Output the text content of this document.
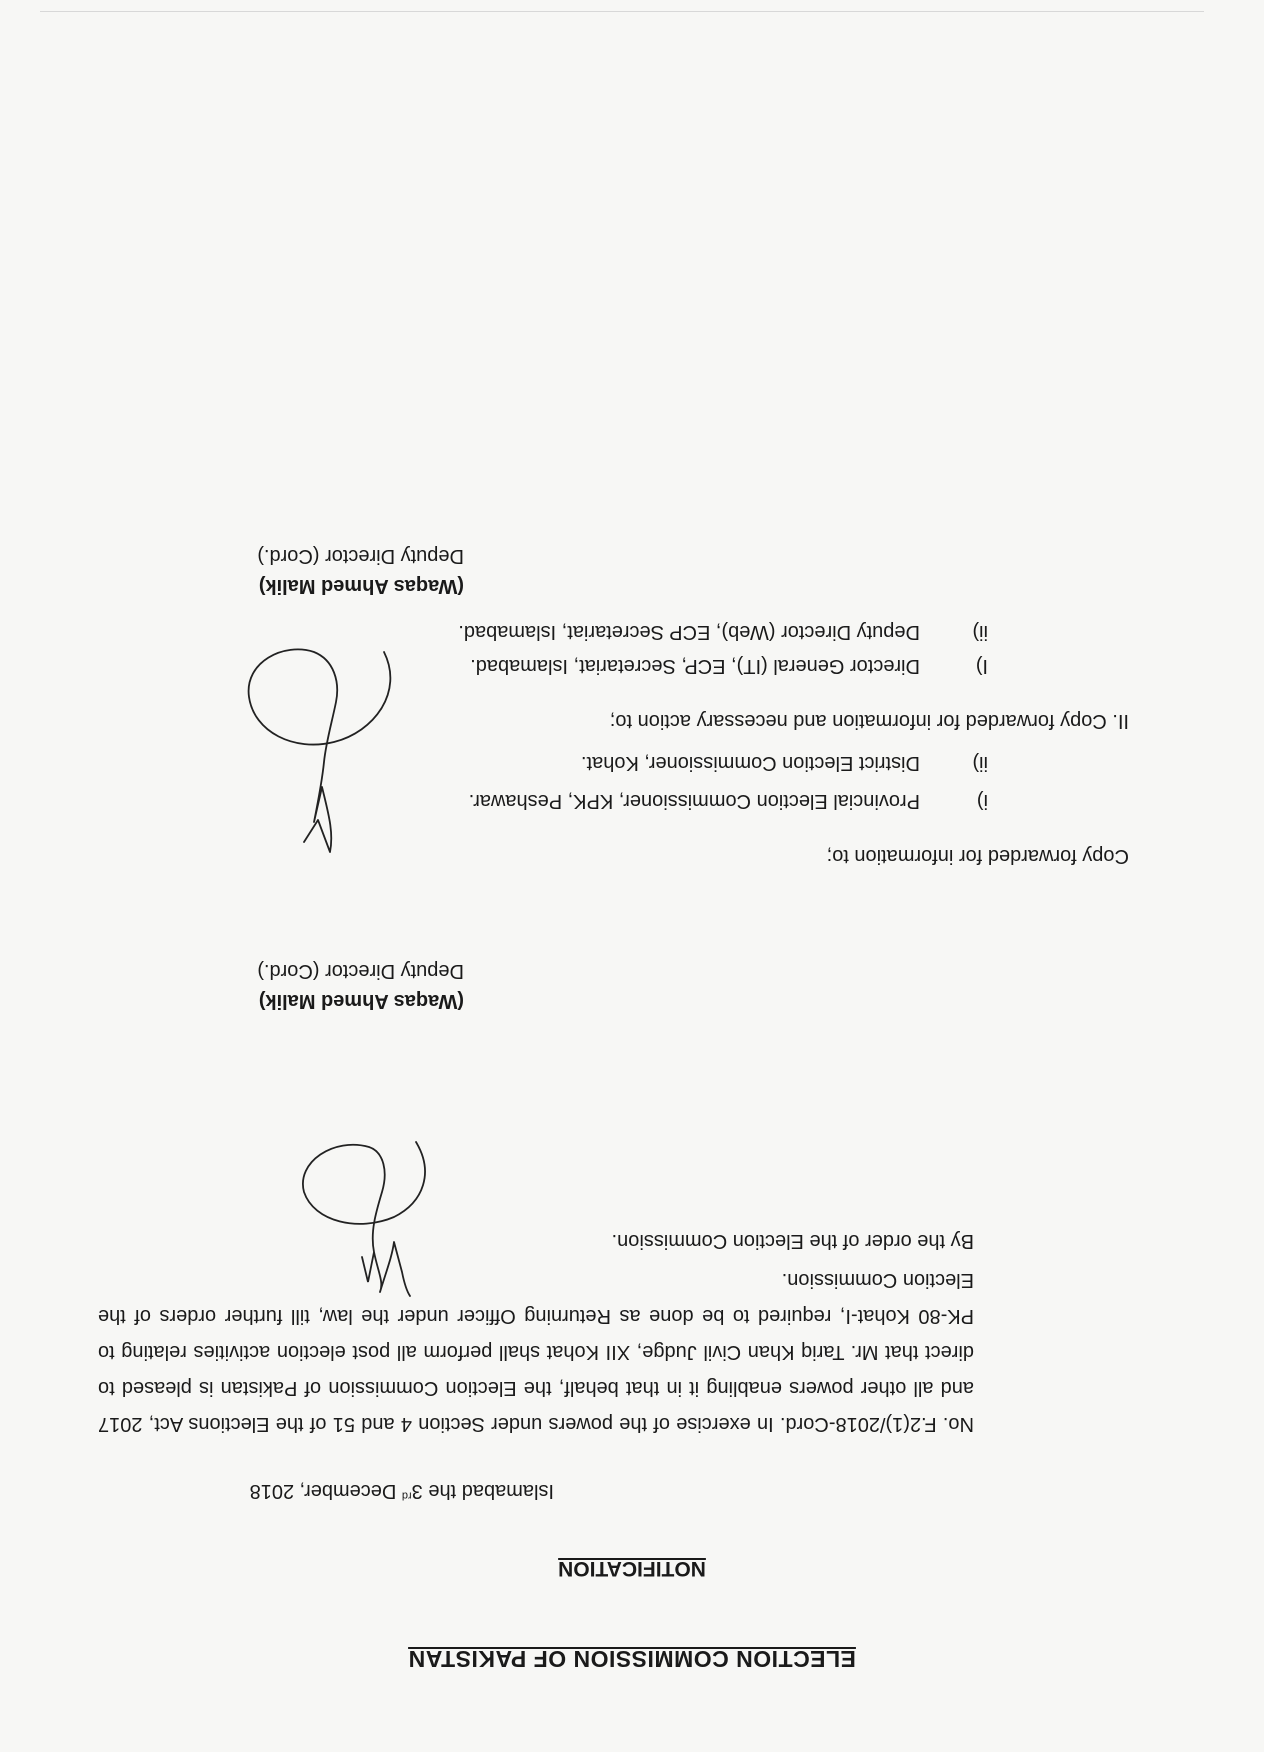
ELECTION COMMISSION OF PAKISTAN
NOTIFICATION
Islamabad the 3rd December, 2018
No. F.2(1)/2018-Cord. In exercise of the powers under Section 4 and 51 of the Elections Act, 2017 and all other powers enabling it in that behalf, the Election Commission of Pakistan is pleased to direct that Mr. Tariq Khan Civil Judge, XII Kohat shall perform all post election activities relating to PK-80 Kohat-I, required to be done as Returning Officer under the law, till further orders of the Election Commission.
By the order of the Election Commission.
(Waqas Ahmed Malik)
Deputy Director (Cord.)
Copy forwarded for information to;
i)
Provincial Election Commissioner, KPK, Peshawar.
ii)
District Election Commissioner, Kohat.
II. Copy forwarded for information and necessary action to;
I)
Director General (IT), ECP, Secretariat, Islamabad.
ii)
Deputy Director (Web), ECP Secretariat, Islamabad.
(Waqas Ahmed Malik)
Deputy Director (Cord.)
